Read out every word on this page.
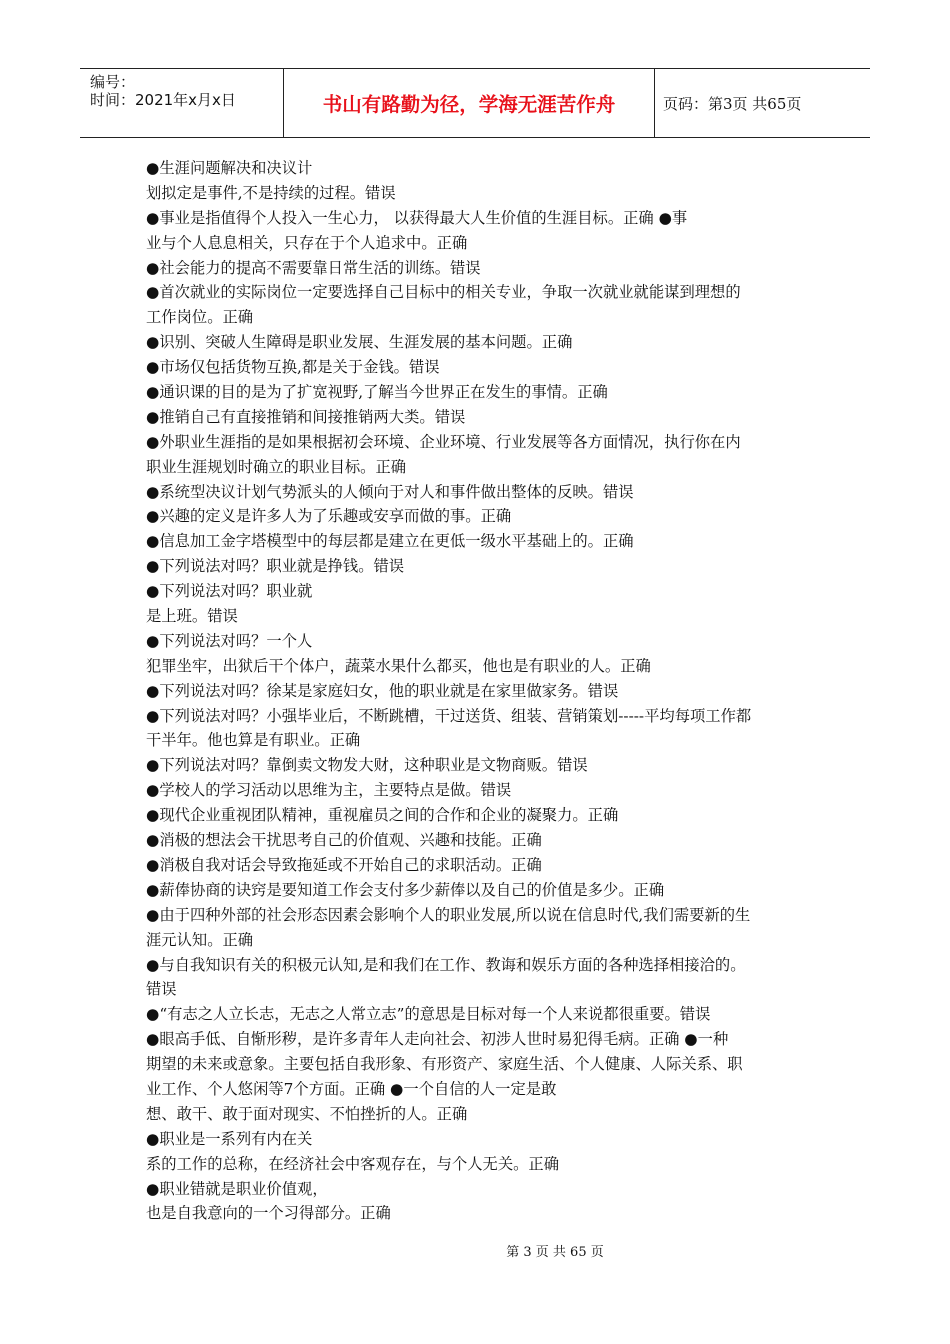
编号：
时间：2021年x月x日	书山有路勤为径，学海无涯苦作舟	页码：第3页 共65页
●生涯问题解决和决议计
划拟定是事件,不是持续的过程。错误
●事业是指值得个人投入一生心力， 以获得最大人生价值的生涯目标。正确 ●事
业与个人息息相关，只存在于个人追求中。正确
●社会能力的提高不需要靠日常生活的训练。错误
●首次就业的实际岗位一定要选择自己目标中的相关专业，争取一次就业就能谋到理想的
工作岗位。正确
●识别、突破人生障碍是职业发展、生涯发展的基本问题。正确
●市场仅包括货物互换,都是关于金钱。错误
●通识课的目的是为了扩宽视野,了解当今世界正在发生的事情。正确
●推销自己有直接推销和间接推销两大类。错误
●外职业生涯指的是如果根据初会环境、企业环境、行业发展等各方面情况，执行你在内
职业生涯规划时确立的职业目标。正确
●系统型决议计划气势派头的人倾向于对人和事件做出整体的反映。错误
●兴趣的定义是许多人为了乐趣或安享而做的事。正确
●信息加工金字塔模型中的每层都是建立在更低一级水平基础上的。正确
●下列说法对吗？职业就是挣钱。错误
●下列说法对吗？职业就
是上班。错误
●下列说法对吗？一个人
犯罪坐牢，出狱后干个体户，蔬菜水果什么都买，他也是有职业的人。正确
●下列说法对吗？徐某是家庭妇女，他的职业就是在家里做家务。错误
●下列说法对吗？小强毕业后，不断跳槽，干过送货、组装、营销策划-----平均每项工作都
干半年。他也算是有职业。正确
●下列说法对吗？靠倒卖文物发大财，这种职业是文物商贩。错误
●学校人的学习活动以思维为主，主要特点是做。错误
●现代企业重视团队精神，重视雇员之间的合作和企业的凝聚力。正确
●消极的想法会干扰思考自己的价值观、兴趣和技能。正确
●消极自我对话会导致拖延或不开始自己的求职活动。正确
●薪俸协商的诀窍是要知道工作会支付多少薪俸以及自己的价值是多少。正确
●由于四种外部的社会形态因素会影响个人的职业发展,所以说在信息时代,我们需要新的生
涯元认知。正确
●与自我知识有关的积极元认知,是和我们在工作、教诲和娱乐方面的各种选择相接洽的。
错误
●“有志之人立长志，无志之人常立志”的意思是目标对每一个人来说都很重要。错误
●眼高手低、自惭形秽，是许多青年人走向社会、初涉人世时易犯得毛病。正确 ●一种
期望的未来或意象。主要包括自我形象、有形资产、家庭生活、个人健康、人际关系、职
业工作、个人悠闲等7个方面。正确 ●一个自信的人一定是敢
想、敢干、敢于面对现实、不怕挫折的人。正确
●职业是一系列有内在关
系的工作的总称，在经济社会中客观存在，与个人无关。正确
●职业错就是职业价值观，
也是自我意向的一个习得部分。正确
第 3 页 共 65 页
